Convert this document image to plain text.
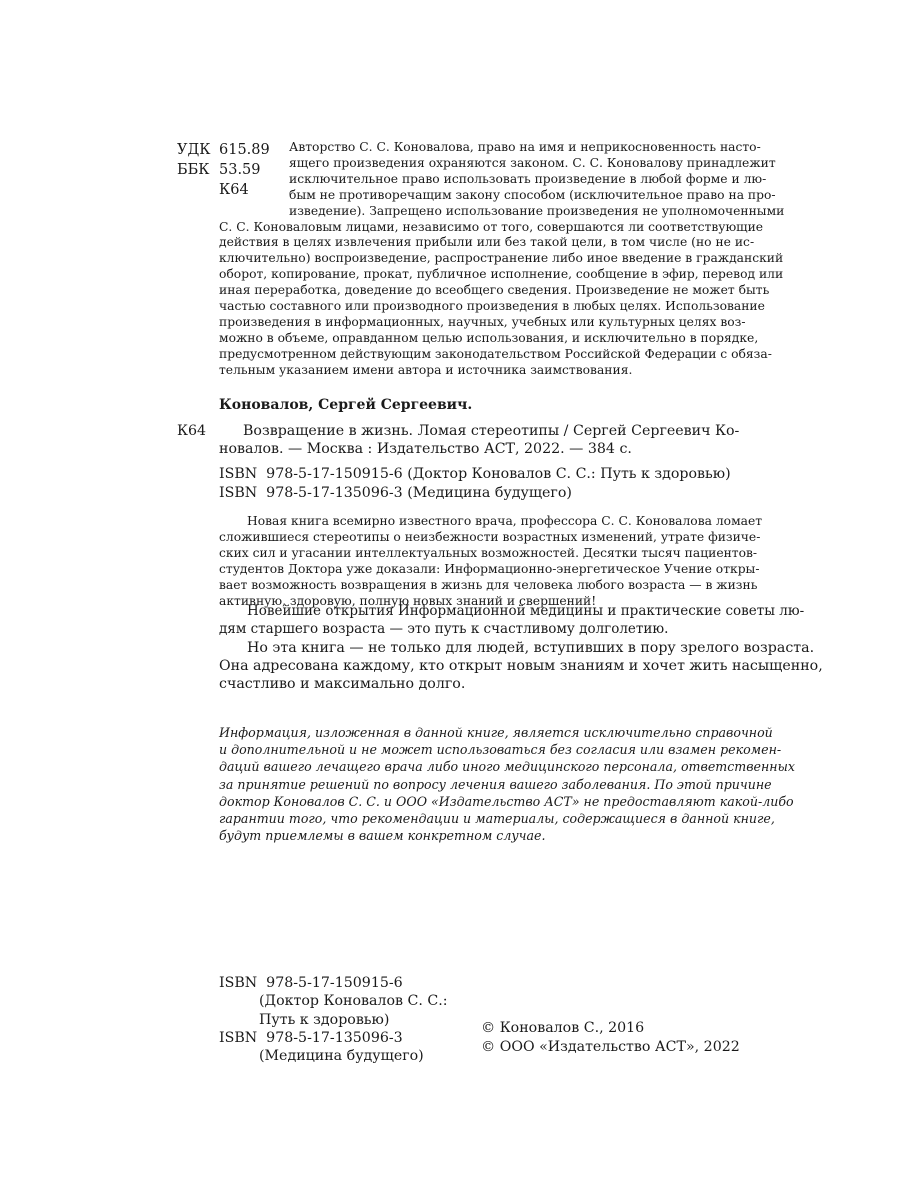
УДК 615.89
ББК 53.59
К64
Авторство С. С. Коновалова, право на имя и неприкосновенность насто-
ящего произведения охраняются законом. С. С. Коновалову принадлежит
исключительное право использовать произведение в любой форме и лю-
бым не противоречащим закону способом (исключительное право на про-
изведение). Запрещено использование произведения не уполномоченными
С. С. Коноваловым лицами, независимо от того, совершаются ли соответствующие
действия в целях извлечения прибыли или без такой цели, в том числе (но не ис-
ключительно) воспроизведение, распространение либо иное введение в гражданский
оборот, копирование, прокат, публичное исполнение, сообщение в эфир, перевод или
иная переработка, доведение до всеобщего сведения. Произведение не может быть
частью составного или производного произведения в любых целях. Использование
произведения в информационных, научных, учебных или культурных целях воз-
можно в объеме, оправданном целью использования, и исключительно в порядке,
предусмотренном действующим законодательством Российской Федерации с обяза-
тельным указанием имени автора и источника заимствования.
Коновалов, Сергей Сергеевич.
К64	Возвращение в жизнь. Ломая стереотипы / Сергей Сергеевич Ко-
новалов. — Москва : Издательство АСТ, 2022. — 384 с.
ISBN  978-5-17-150915-6 (Доктор Коновалов С. С.: Путь к здоровью)
ISBN  978-5-17-135096-3 (Медицина будущего)
Новая книга всемирно известного врача, профессора С. С. Коновалова ломает
сложившиеся стереотипы о неизбежности возрастных изменений, утрате физиче-
ских сил и угасании интеллектуальных возможностей. Десятки тысяч пациентов-
студентов Доктора уже доказали: Информационно-энергетическое Учение откры-
вает возможность возвращения в жизнь для человека любого возраста — в жизнь
активную, здоровую, полную новых знаний и свершений!
Новейшие открытия Информационной медицины и практические советы лю-
дям старшего возраста — это путь к счастливому долголетию.
Но эта книга — не только для людей, вступивших в пору зрелого возраста.
Она адресована каждому, кто открыт новым знаниям и хочет жить насыщенно,
счастливо и максимально долго.
Информация, изложенная в данной книге, является исключительно справочной
и дополнительной и не может использоваться без согласия или взамен рекомен-
даций вашего лечащего врача либо иного медицинского персонала, ответственных
за принятие решений по вопросу лечения вашего заболевания. По этой причине
доктор Коновалов С. С. и ООО «Издательство АСТ» не предоставляют какой-либо
гарантии того, что рекомендации и материалы, содержащиеся в данной книге,
будут приемлемы в вашем конкретном случае.
ISBN  978-5-17-150915-6
(Доктор Коновалов С. С.:
Путь к здоровью)
ISBN  978-5-17-135096-3
(Медицина будущего)
© Коновалов С., 2016
© ООО «Издательство АСТ», 2022
